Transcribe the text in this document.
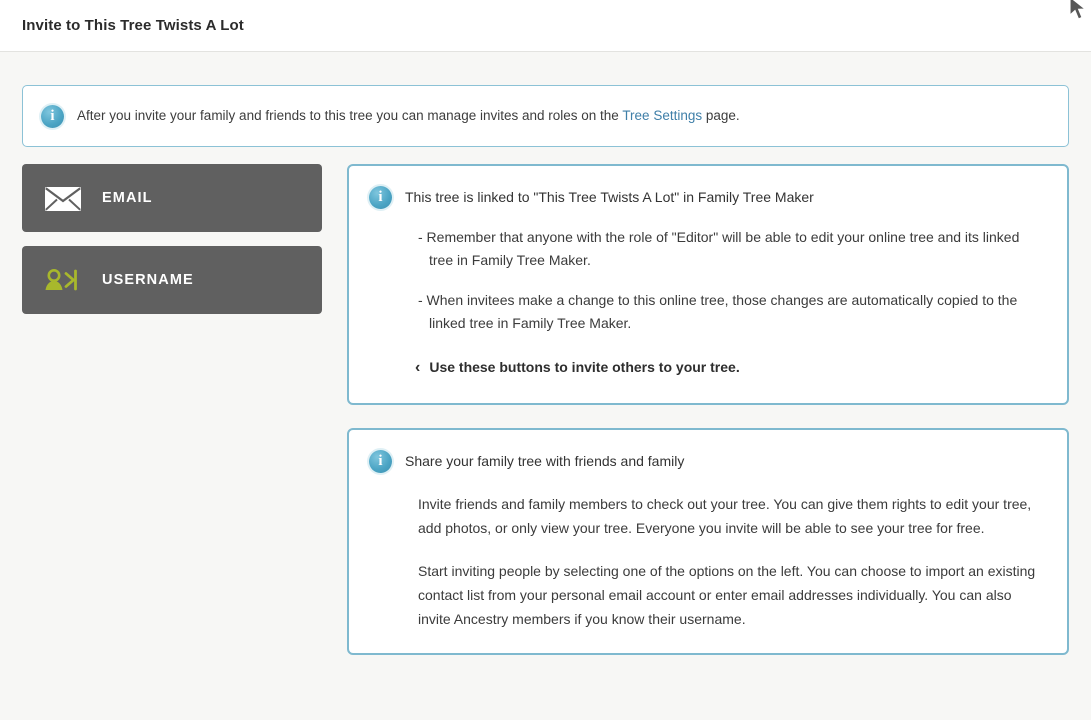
Invite to This Tree Twists A Lot
i	After you invite your family and friends to this tree you can manage invites and roles on the Tree Settings page.
EMAIL
USERNAME
i	This tree is linked to "This Tree Twists A Lot" in Family Tree Maker
- Remember that anyone with the role of "Editor" will be able to edit your online tree and its linked tree in Family Tree Maker.
- When invitees make a change to this online tree, those changes are automatically copied to the linked tree in Family Tree Maker.
‹ Use these buttons to invite others to your tree.
i	Share your family tree with friends and family
Invite friends and family members to check out your tree. You can give them rights to edit your tree, add photos, or only view your tree. Everyone you invite will be able to see your tree for free.
Start inviting people by selecting one of the options on the left. You can choose to import an existing contact list from your personal email account or enter email addresses individually. You can also invite Ancestry members if you know their username.
